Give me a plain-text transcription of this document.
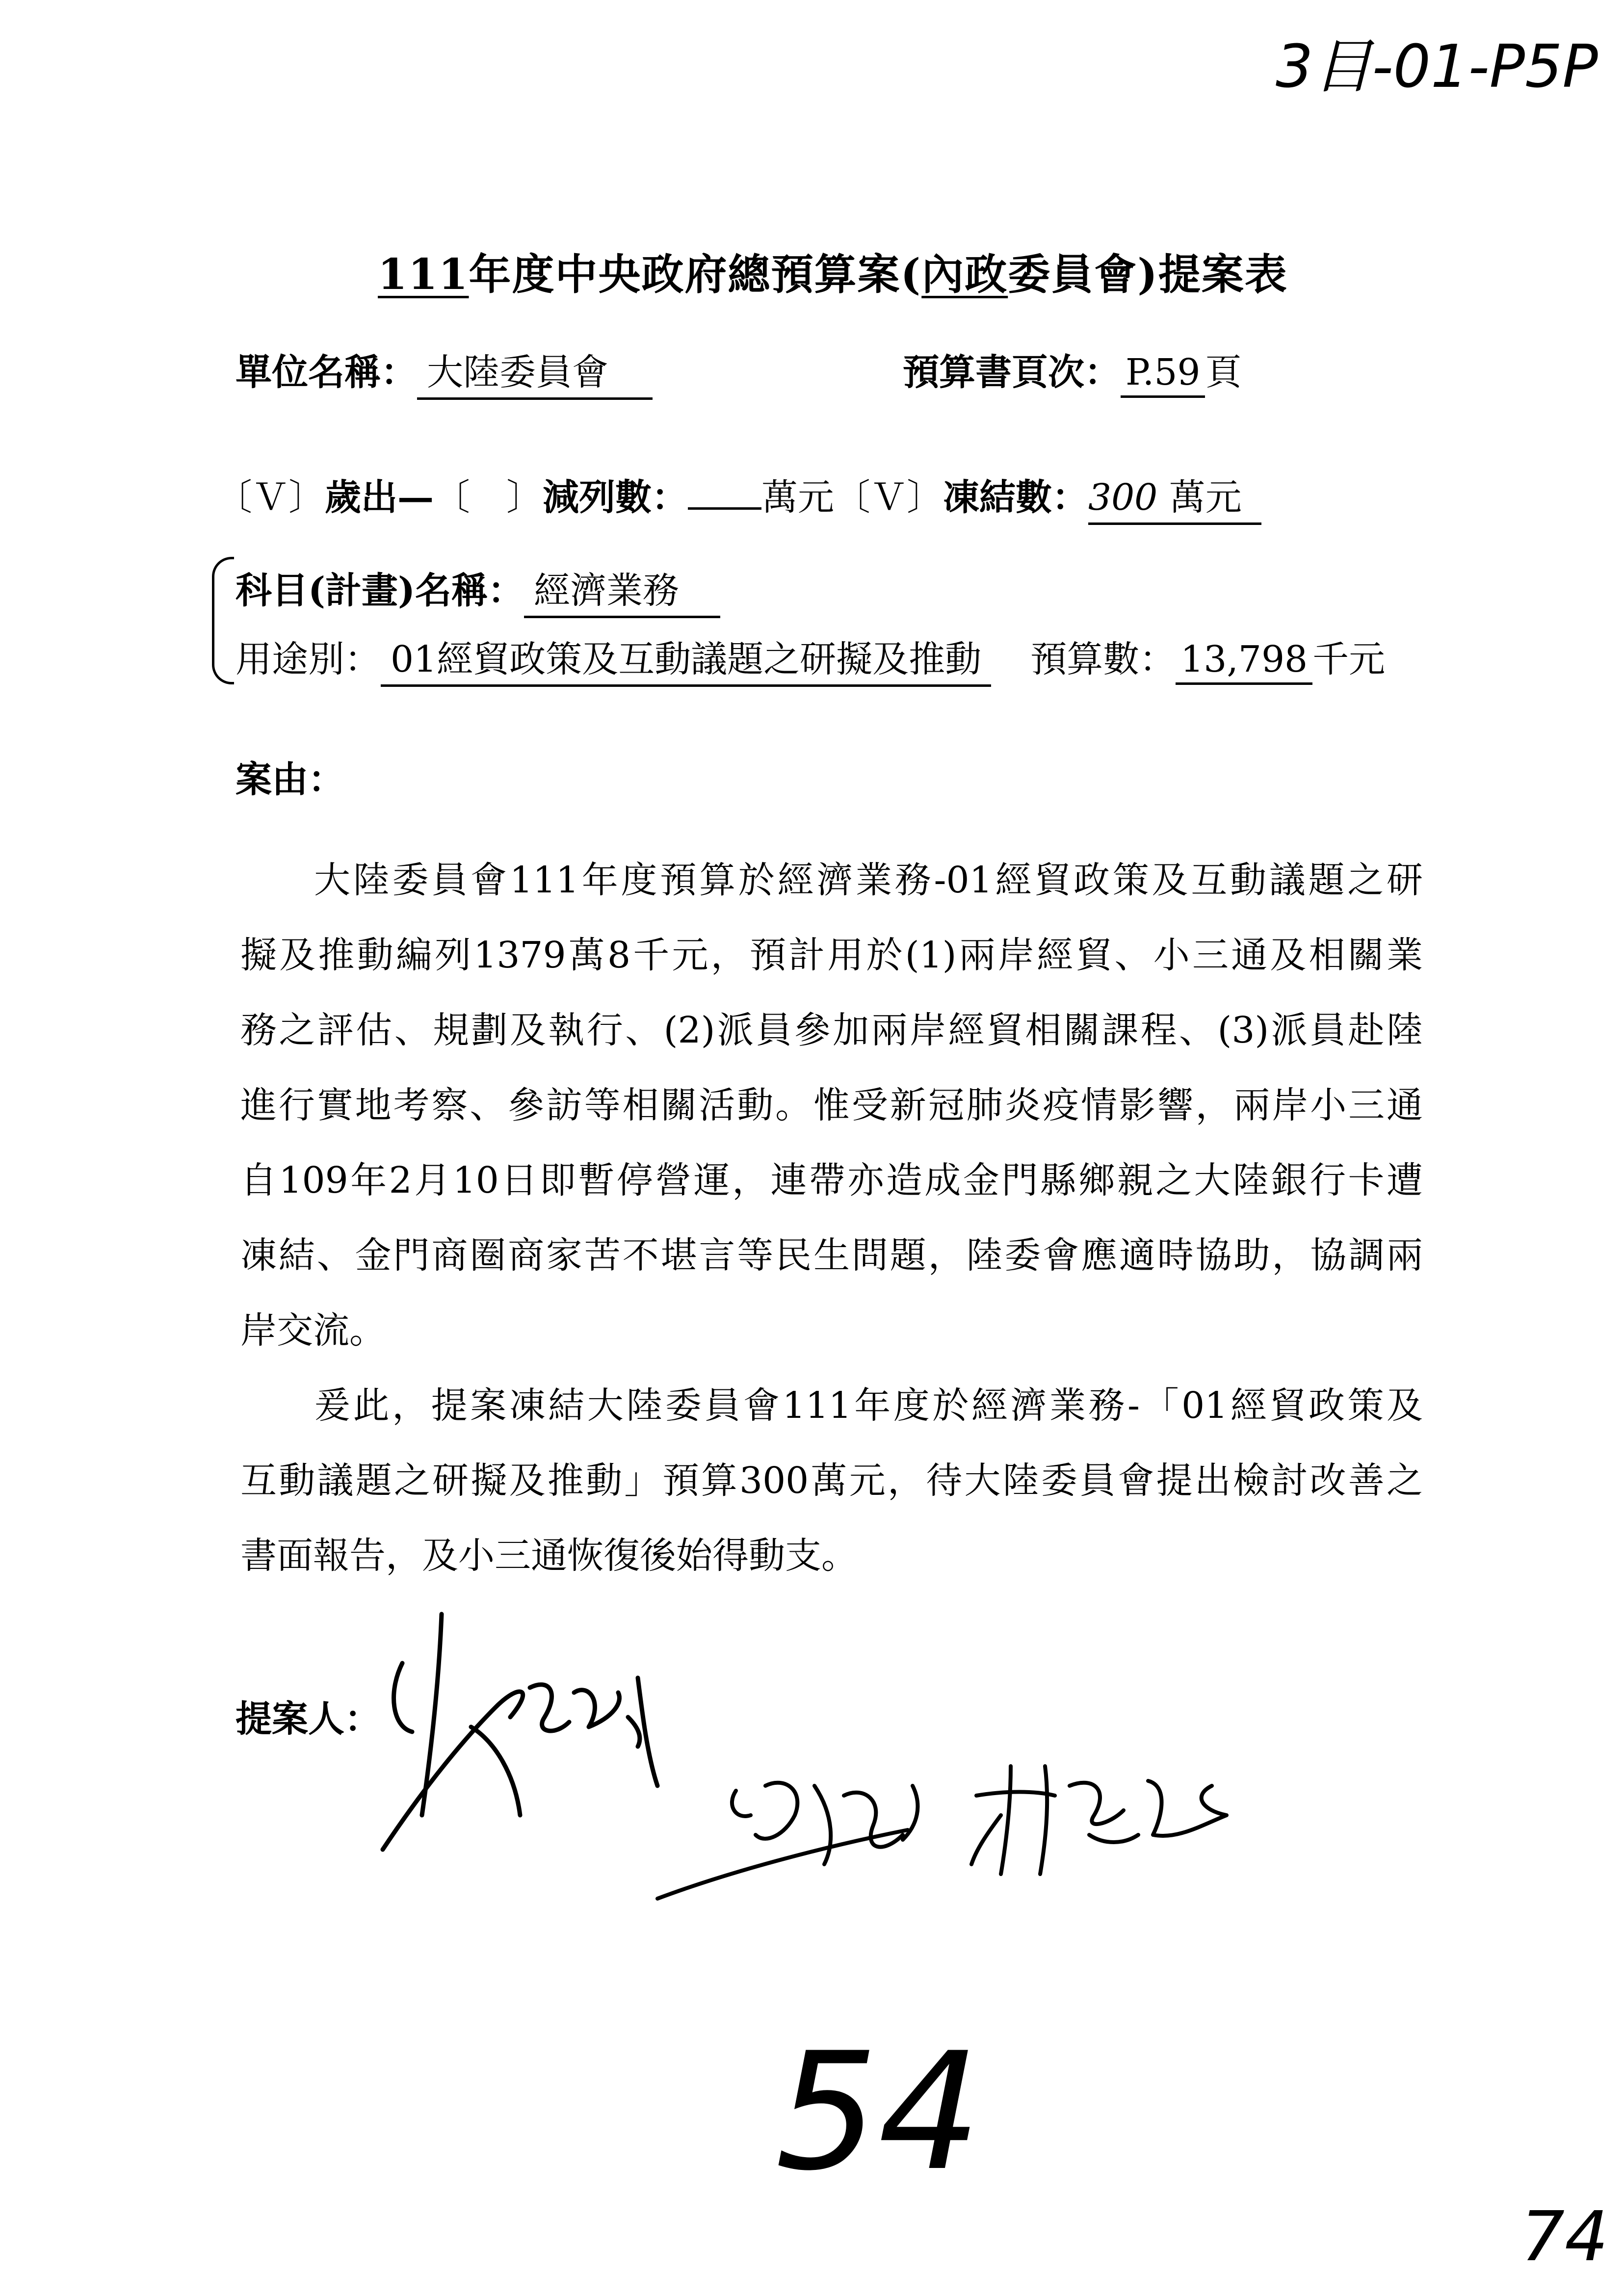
3目-01-P5P
111年度中央政府總預算案(內政委員會)提案表
單位名稱： 大陸委員會	預算書頁次： P.59 頁
〔Ｖ〕歲出—〔　〕減列數： 萬元〔Ｖ〕凍結數：300 萬元
科目(計畫)名稱： 經濟業務
用途別： 01經貿政策及互動議題之研擬及推動 預算數： 13,798 千元
案由：
大陸委員會111年度預算於經濟業務-01經貿政策及互動議題之研
擬及推動編列1379萬8千元，預計用於(1)兩岸經貿、小三通及相關業
務之評估、規劃及執行、(2)派員參加兩岸經貿相關課程、(3)派員赴陸
進行實地考察、參訪等相關活動。惟受新冠肺炎疫情影響，兩岸小三通
自109年2月10日即暫停營運，連帶亦造成金門縣鄉親之大陸銀行卡遭
凍結、金門商圈商家苦不堪言等民生問題，陸委會應適時協助，協調兩
岸交流。
爰此，提案凍結大陸委員會111年度於經濟業務-「01經貿政策及
互動議題之研擬及推動」預算300萬元，待大陸委員會提出檢討改善之
書面報告，及小三通恢復後始得動支。
提案人：
54
74
